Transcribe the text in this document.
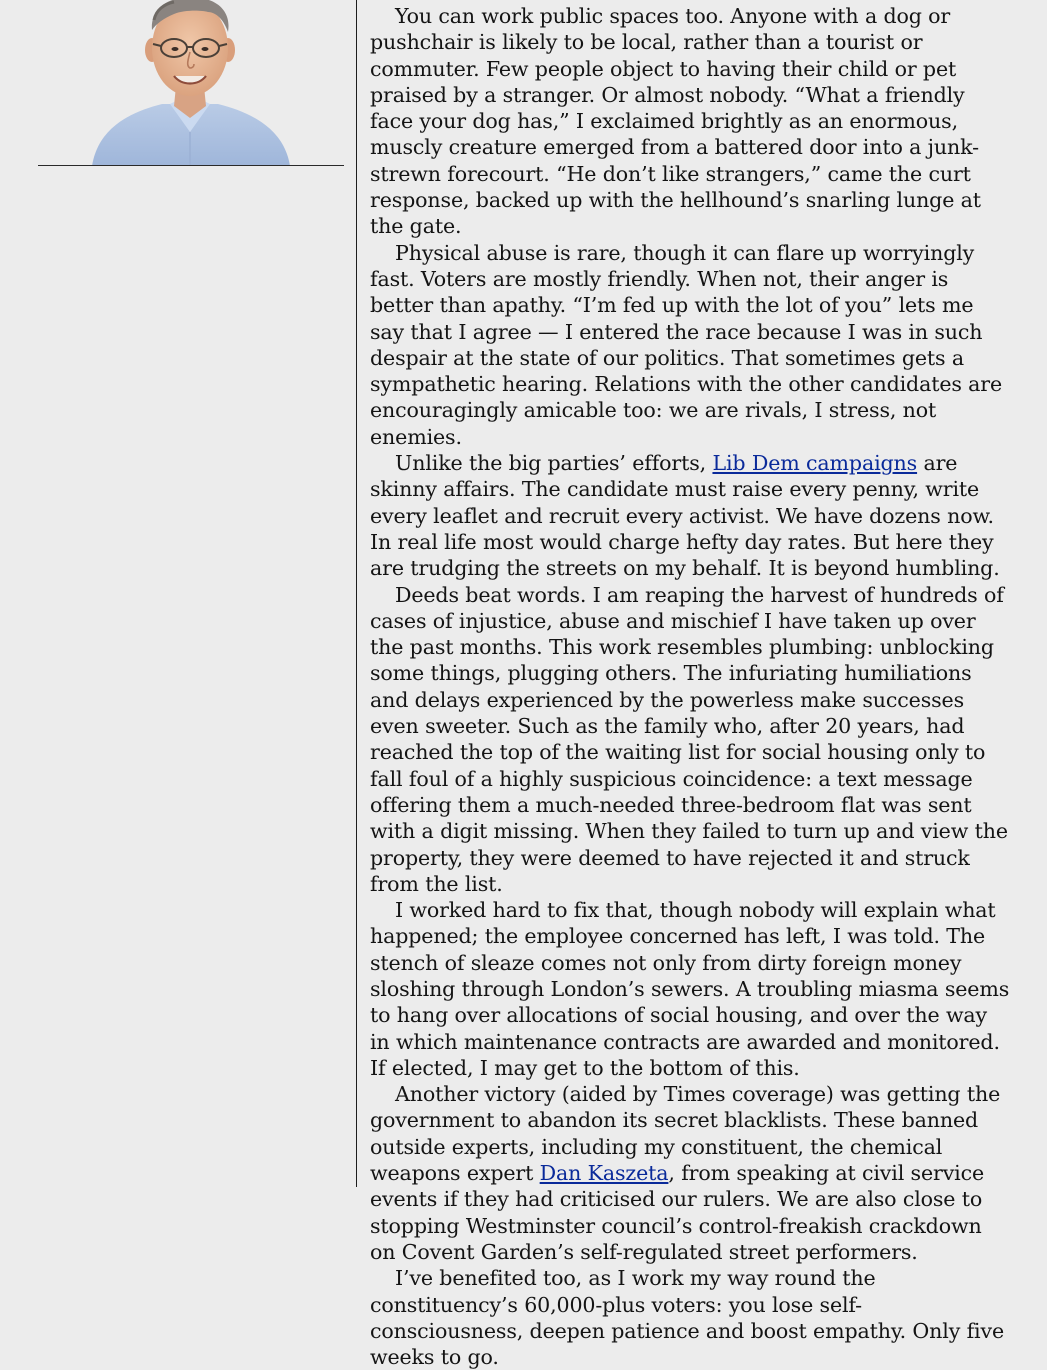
You can work public spaces too. Anyone with a dog or pushchair is likely to be local, rather than a tourist or commuter. Few people object to having their child or pet praised by a stranger. Or almost nobody. “What a friendly face your dog has,” I exclaimed brightly as an enormous, muscly creature emerged from a battered door into a junk-strewn forecourt. “He don’t like strangers,” came the curt response, backed up with the hellhound’s snarling lunge at the gate.

Physical abuse is rare, though it can flare up worryingly fast. Voters are mostly friendly. When not, their anger is better than apathy. “I’m fed up with the lot of you” lets me say that I agree — I entered the race because I was in such despair at the state of our politics. That sometimes gets a sympathetic hearing. Relations with the other candidates are encouragingly amicable too: we are rivals, I stress, not enemies.

Unlike the big parties’ efforts, Lib Dem campaigns are skinny affairs. The candidate must raise every penny, write every leaflet and recruit every activist. We have dozens now. In real life most would charge hefty day rates. But here they are trudging the streets on my behalf. It is beyond humbling.

Deeds beat words. I am reaping the harvest of hundreds of cases of injustice, abuse and mischief I have taken up over the past months. This work resembles plumbing: unblocking some things, plugging others. The infuriating humiliations and delays experienced by the powerless make successes even sweeter. Such as the family who, after 20 years, had reached the top of the waiting list for social housing only to fall foul of a highly suspicious coincidence: a text message offering them a much-needed three-bedroom flat was sent with a digit missing. When they failed to turn up and view the property, they were deemed to have rejected it and struck from the list.

I worked hard to fix that, though nobody will explain what happened; the employee concerned has left, I was told. The stench of sleaze comes not only from dirty foreign money sloshing through London’s sewers. A troubling miasma seems to hang over allocations of social housing, and over the way in which maintenance contracts are awarded and monitored. If elected, I may get to the bottom of this.

Another victory (aided by Times coverage) was getting the government to abandon its secret blacklists. These banned outside experts, including my constituent, the chemical weapons expert Dan Kaszeta, from speaking at civil service events if they had criticised our rulers. We are also close to stopping Westminster council’s control-freakish crackdown on Covent Garden’s self-regulated street performers.

I’ve benefited too, as I work my way round the constituency’s 60,000-plus voters: you lose self-consciousness, deepen patience and boost empathy. Only five weeks to go.
